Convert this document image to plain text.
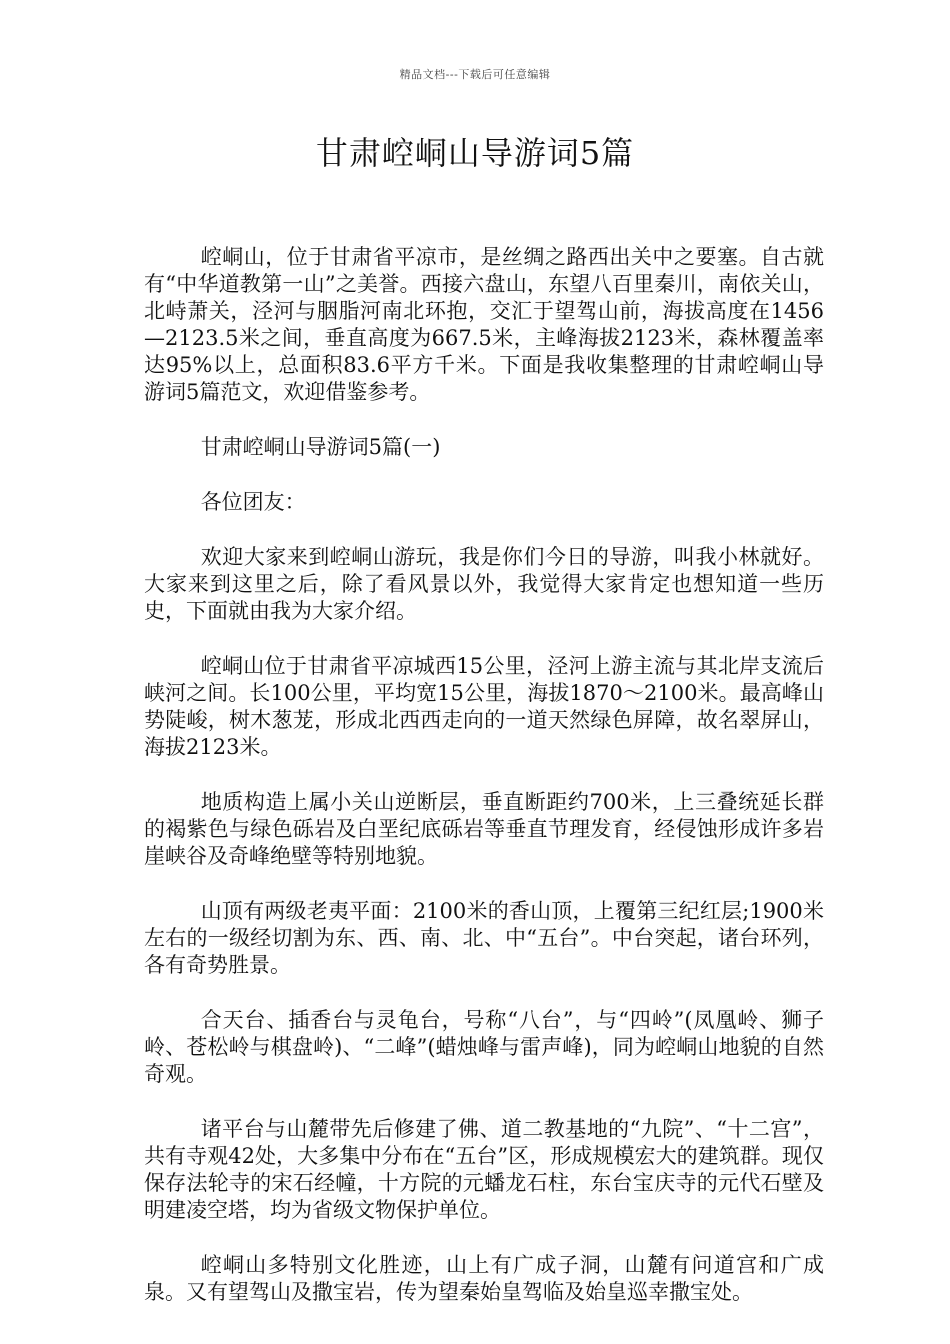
精品文档---下载后可任意编辑
甘肃崆峒山导游词5篇

崆峒山，位于甘肃省平凉市，是丝绸之路西出关中之要塞。自古就有“中华道教第一山”之美誉。西接六盘山，东望八百里秦川，南依关山，北峙萧关，泾河与胭脂河南北环抱，交汇于望驾山前，海拔高度在1456—2123.5米之间，垂直高度为667.5米，主峰海拔2123米，森林覆盖率达95%以上，总面积83.6平方千米。下面是我收集整理的甘肃崆峒山导游词5篇范文，欢迎借鉴参考。

甘肃崆峒山导游词5篇(一)

各位团友：

欢迎大家来到崆峒山游玩，我是你们今日的导游，叫我小林就好。大家来到这里之后，除了看风景以外，我觉得大家肯定也想知道一些历史，下面就由我为大家介绍。

崆峒山位于甘肃省平凉城西15公里，泾河上游主流与其北岸支流后峡河之间。长100公里，平均宽15公里，海拔1870～2100米。最高峰山势陡峻，树木葱茏，形成北西西走向的一道天然绿色屏障，故名翠屏山，海拔2123米。

地质构造上属小关山逆断层，垂直断距约700米，上三叠统延长群的褐紫色与绿色砾岩及白垩纪底砾岩等垂直节理发育，经侵蚀形成许多岩崖峡谷及奇峰绝壁等特别地貌。

山顶有两级老夷平面：2100米的香山顶，上覆第三纪红层;1900米左右的一级经切割为东、西、南、北、中“五台”。中台突起，诸台环列，各有奇势胜景。

合天台、插香台与灵龟台，号称“八台”，与“四岭”(凤凰岭、狮子岭、苍松岭与棋盘岭)、“二峰”(蜡烛峰与雷声峰)，同为崆峒山地貌的自然奇观。

诸平台与山麓带先后修建了佛、道二教基地的“九院”、“十二宫”，共有寺观42处，大多集中分布在“五台”区，形成规模宏大的建筑群。现仅保存法轮寺的宋石经幢，十方院的元蟠龙石柱，东台宝庆寺的元代石壁及明建凌空塔，均为省级文物保护单位。

崆峒山多特别文化胜迹，山上有广成子洞，山麓有问道宫和广成泉。又有望驾山及撒宝岩，传为望秦始皇驾临及始皇巡幸撒宝处。
